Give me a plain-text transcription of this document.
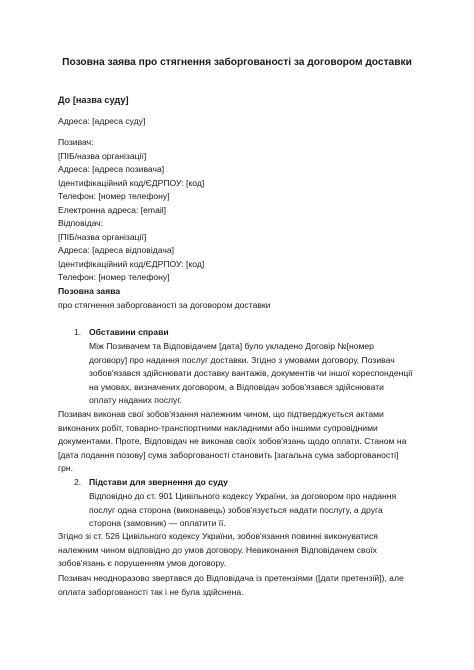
Позовна заява про стягнення заборгованості за договором доставки
До [назва суду]
Адреса: [адреса суду]
Позивач:
[ПІБ/назва організації]
Адреса: [адреса позивача]
Ідентифікаційний код/ЄДРПОУ: [код]
Телефон: [номер телефону]
Електронна адреса: [email]
Відповідач:
[ПІБ/назва організації]
Адреса: [адреса відповідача]
Ідентифікаційний код/ЄДРПОУ: [код]
Телефон: [номер телефону]
Позовна заява
про стягнення заборгованості за договором доставки
1. Обставини справи
Між Позивачем та Відповідачем [дата] було укладено Договір №[номер
договору] про надання послуг доставки. Згідно з умовами договору, Позивач
зобов'язався здійснювати доставку вантажів, документів чи іншої кореспонденції
на умовах, визначених договором, а Відповідач зобов'язався здійснювати
оплату наданих послуг.
Позивач виконав свої зобов'язання належним чином, що підтверджується актами
виконаних робіт, товарно-транспортними накладними або іншими супровідними
документами. Проте, Відповідач не виконав своїх зобов'язань щодо оплати. Станом на
[дата подання позову] сума заборгованості становить [загальна сума заборгованості]
грн.
2. Підстави для звернення до суду
Відповідно до ст. 901 Цивільного кодексу України, за договором про надання
послуг одна сторона (виконавець) зобов'язується надати послугу, а друга
сторона (замовник) — оплатити її.
Згідно зі ст. 526 Цивільного кодексу України, зобов'язання повинні виконуватися
належним чином відповідно до умов договору. Невиконання Відповідачем своїх
зобов'язань є порушенням умов договору.
Позивач неодноразово звертався до Відповідача із претензіями ([дати претензій]), але
оплата заборгованості так і не була здійснена.
